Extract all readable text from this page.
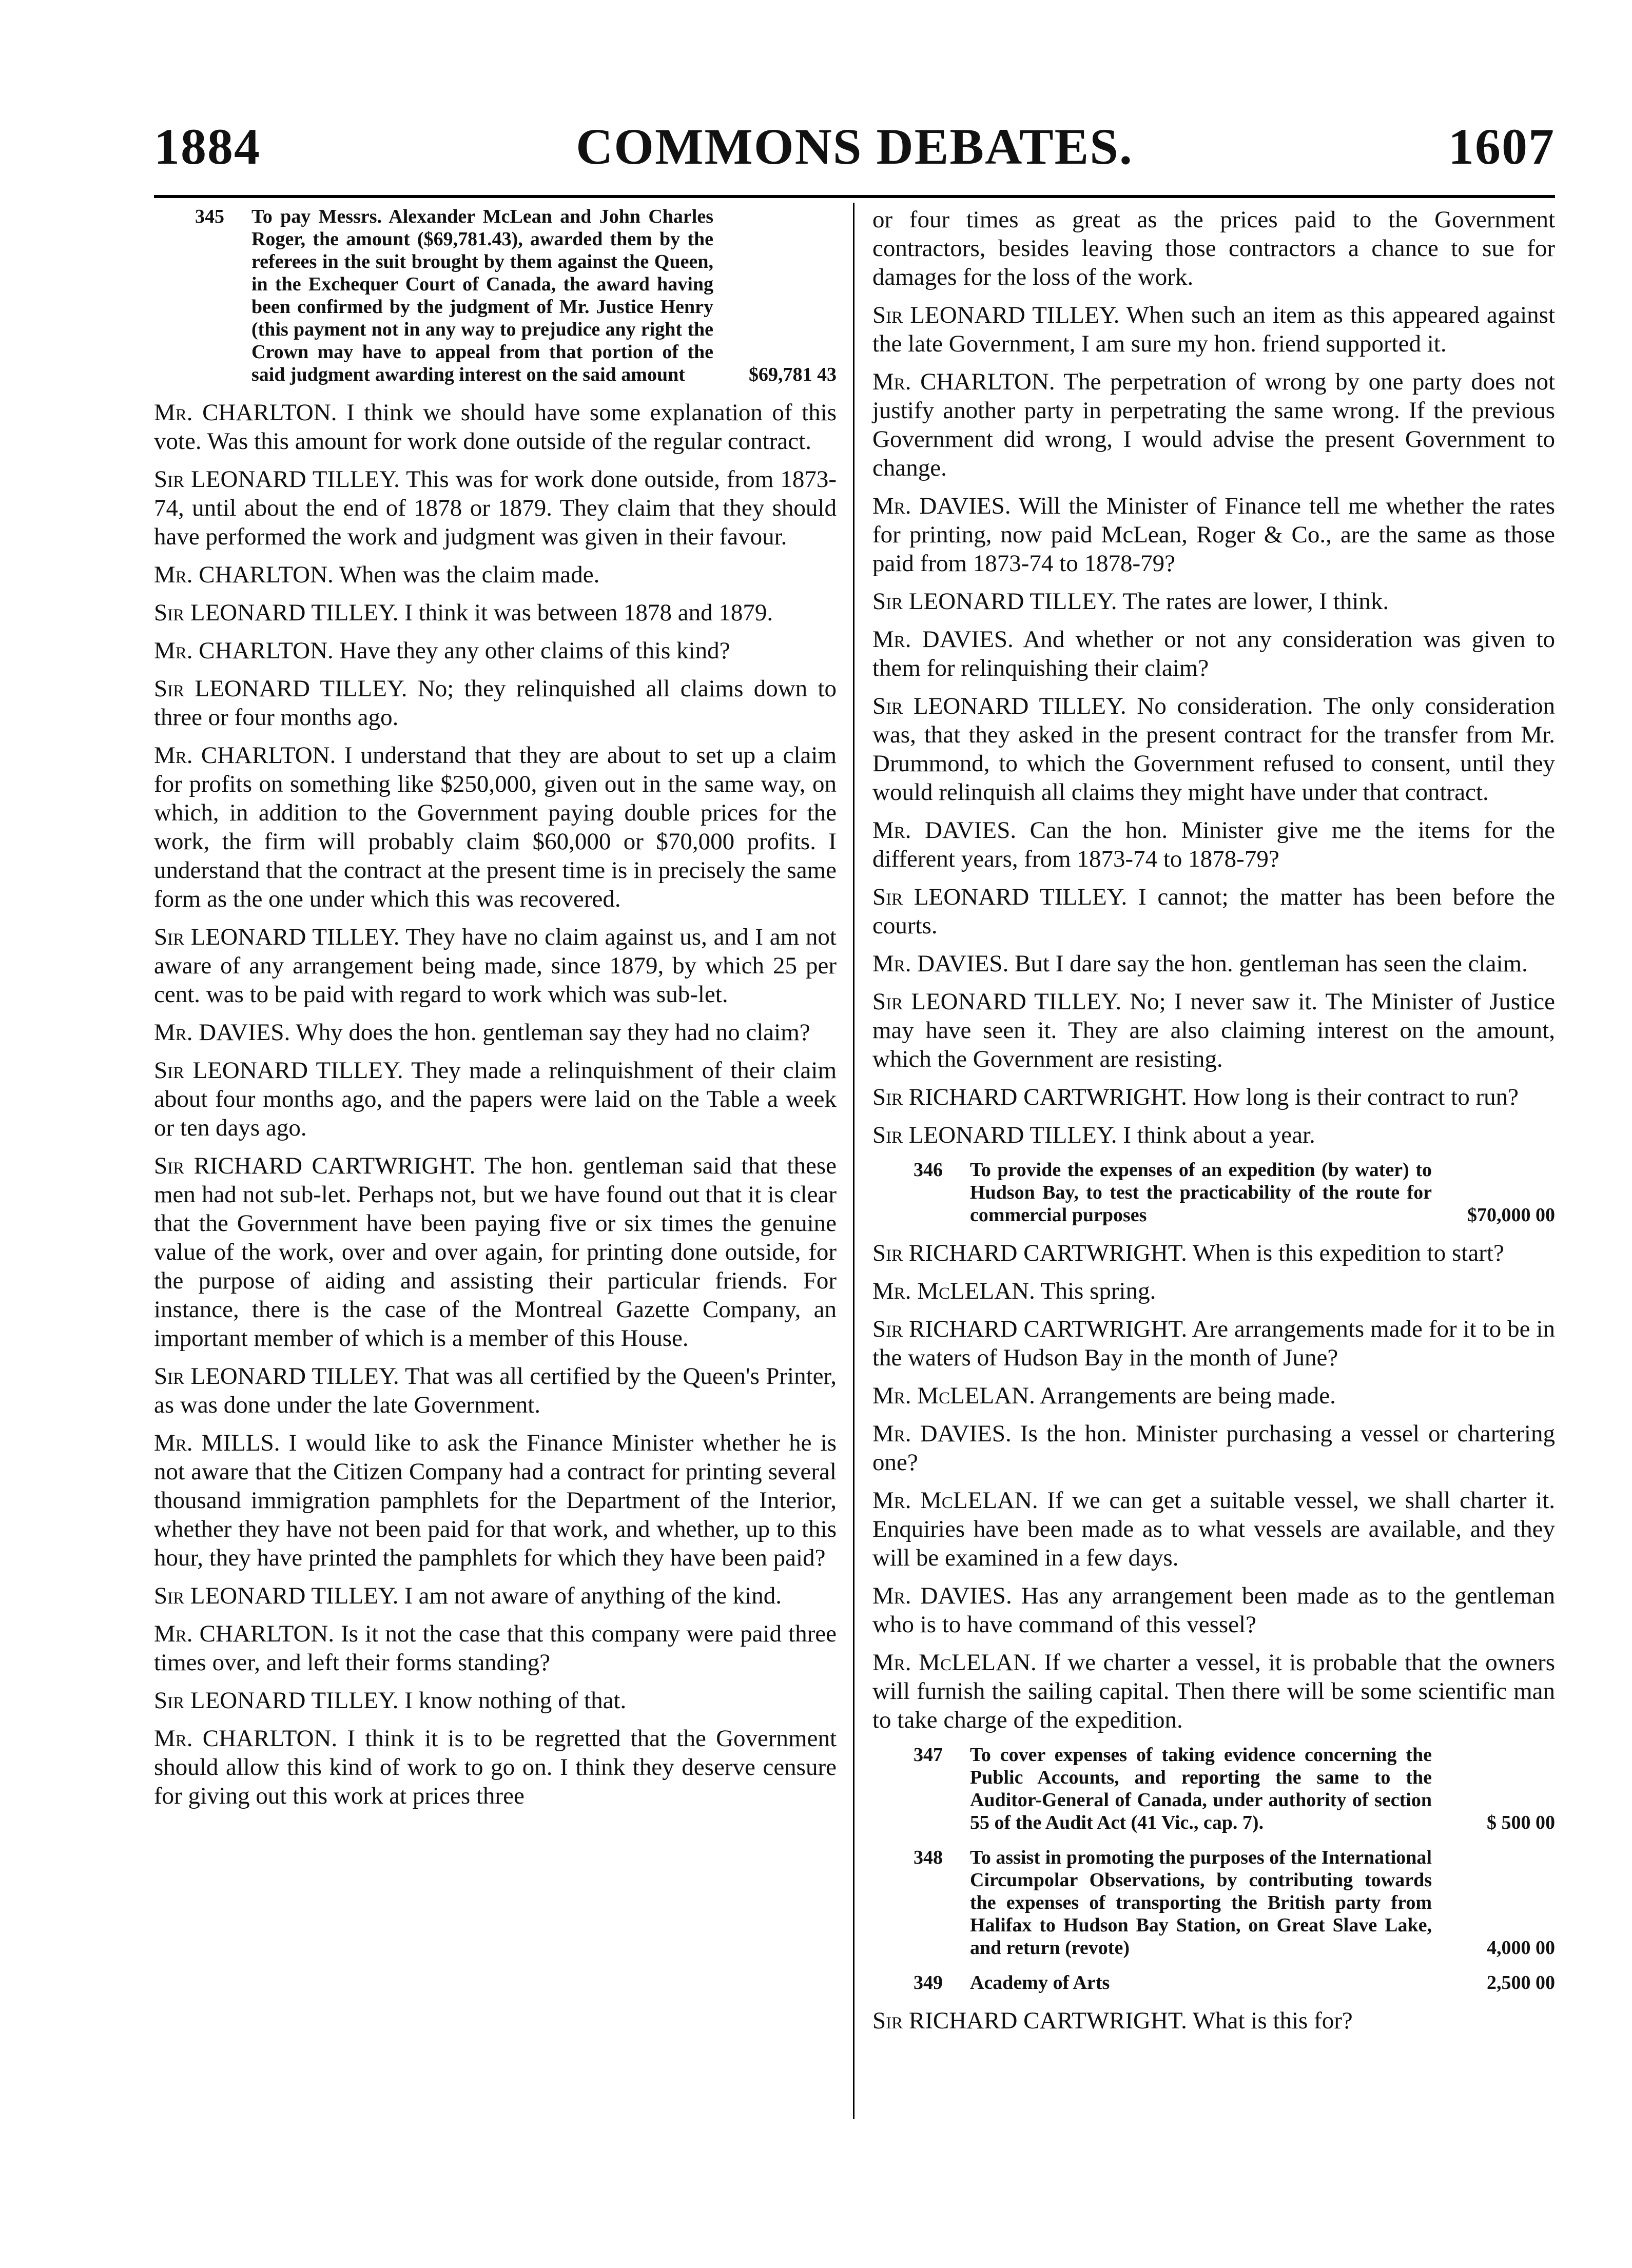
1884	COMMONS DEBATES.	1607
345	To pay Messrs. Alexander McLean and John Charles Roger, the amount ($69,781.43), awarded them by the referees in the suit brought by them against the Queen, in the Exchequer Court of Canada, the award having been confirmed by the judgment of Mr. Justice Henry (this payment not in any way to prejudice any right the Crown may have to appeal from that portion of the said judgment awarding interest on the said amount	$69,781 43

Mr. CHARLTON. I think we should have some explanation of this vote. Was this amount for work done outside of the regular contract.

Sir LEONARD TILLEY. This was for work done outside, from 1873-74, until about the end of 1878 or 1879. They claim that they should have performed the work and judgment was given in their favour.

Mr. CHARLTON. When was the claim made.

Sir LEONARD TILLEY. I think it was between 1878 and 1879.

Mr. CHARLTON. Have they any other claims of this kind?

Sir LEONARD TILLEY. No; they relinquished all claims down to three or four months ago.

Mr. CHARLTON. I understand that they are about to set up a claim for profits on something like $250,000, given out in the same way, on which, in addition to the Government paying double prices for the work, the firm will probably claim $60,000 or $70,000 profits. I understand that the contract at the present time is in precisely the same form as the one under which this was recovered.

Sir LEONARD TILLEY. They have no claim against us, and I am not aware of any arrangement being made, since 1879, by which 25 per cent. was to be paid with regard to work which was sub-let.

Mr. DAVIES. Why does the hon. gentleman say they had no claim?

Sir LEONARD TILLEY. They made a relinquishment of their claim about four months ago, and the papers were laid on the Table a week or ten days ago.

Sir RICHARD CARTWRIGHT. The hon. gentleman said that these men had not sub-let. Perhaps not, but we have found out that it is clear that the Government have been paying five or six times the genuine value of the work, over and over again, for printing done outside, for the purpose of aiding and assisting their particular friends. For instance, there is the case of the Montreal Gazette Company, an important member of which is a member of this House.

Sir LEONARD TILLEY. That was all certified by the Queen's Printer, as was done under the late Government.

Mr. MILLS. I would like to ask the Finance Minister whether he is not aware that the Citizen Company had a contract for printing several thousand immigration pamphlets for the Department of the Interior, whether they have not been paid for that work, and whether, up to this hour, they have printed the pamphlets for which they have been paid?

Sir LEONARD TILLEY. I am not aware of anything of the kind.

Mr. CHARLTON. Is it not the case that this company were paid three times over, and left their forms standing?

Sir LEONARD TILLEY. I know nothing of that.

Mr. CHARLTON. I think it is to be regretted that the Government should allow this kind of work to go on. I think they deserve censure for giving out this work at prices three

or four times as great as the prices paid to the Government contractors, besides leaving those contractors a chance to sue for damages for the loss of the work.

Sir LEONARD TILLEY. When such an item as this appeared against the late Government, I am sure my hon. friend supported it.

Mr. CHARLTON. The perpetration of wrong by one party does not justify another party in perpetrating the same wrong. If the previous Government did wrong, I would advise the present Government to change.

Mr. DAVIES. Will the Minister of Finance tell me whether the rates for printing, now paid McLean, Roger & Co., are the same as those paid from 1873-74 to 1878-79?

Sir LEONARD TILLEY. The rates are lower, I think.

Mr. DAVIES. And whether or not any consideration was given to them for relinquishing their claim?

Sir LEONARD TILLEY. No consideration. The only consideration was, that they asked in the present contract for the transfer from Mr. Drummond, to which the Government refused to consent, until they would relinquish all claims they might have under that contract.

Mr. DAVIES. Can the hon. Minister give me the items for the different years, from 1873-74 to 1878-79?

Sir LEONARD TILLEY. I cannot; the matter has been before the courts.

Mr. DAVIES. But I dare say the hon. gentleman has seen the claim.

Sir LEONARD TILLEY. No; I never saw it. The Minister of Justice may have seen it. They are also claiming interest on the amount, which the Government are resisting.

Sir RICHARD CARTWRIGHT. How long is their contract to run?

Sir LEONARD TILLEY. I think about a year.

346	To provide the expenses of an expedition (by water) to Hudson Bay, to test the practicability of the route for commercial purposes	$70,000 00

Sir RICHARD CARTWRIGHT. When is this expedition to start?

Mr. McLELAN. This spring.

Sir RICHARD CARTWRIGHT. Are arrangements made for it to be in the waters of Hudson Bay in the month of June?

Mr. McLELAN. Arrangements are being made.

Mr. DAVIES. Is the hon. Minister purchasing a vessel or chartering one?

Mr. McLELAN. If we can get a suitable vessel, we shall charter it. Enquiries have been made as to what vessels are available, and they will be examined in a few days.

Mr. DAVIES. Has any arrangement been made as to the gentleman who is to have command of this vessel?

Mr. McLELAN. If we charter a vessel, it is probable that the owners will furnish the sailing capital. Then there will be some scientific man to take charge of the expedition.

347	To cover expenses of taking evidence concerning the Public Accounts, and reporting the same to the Auditor-General of Canada, under authority of section 55 of the Audit Act (41 Vic., cap. 7).	$ 500 00
348	To assist in promoting the purposes of the International Circumpolar Observations, by contributing towards the expenses of transporting the British party from Halifax to Hudson Bay Station, on Great Slave Lake, and return (revote)	4,000 00
349	Academy of Arts	2,500 00

Sir RICHARD CARTWRIGHT. What is this for?
